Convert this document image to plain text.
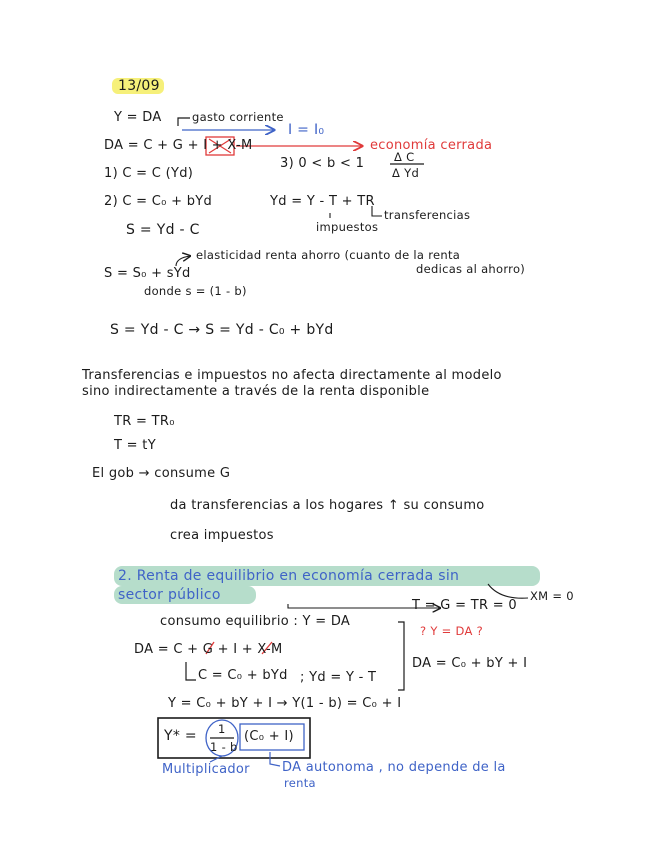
13/09
Y = DA	gasto corriente
I = I₀
DA = C + G + I + X-M	economía cerrada
3) 0 < b < 1	Δ C
Δ Yd
1) C = C (Yd)
2) C = C₀ + bYd	Yd = Y - T + TR
transferencias
impuestos
S = Yd - C
elasticidad renta ahorro (cuanto de la renta
dedicas al ahorro)
S = S₀ + sYd
donde s = (1 - b)
S = Yd - C → S = Yd - C₀ + bYd
Transferencias e impuestos no afecta directamente al modelo
sino indirectamente a través de la renta disponible
TR = TR₀
T = tY
El gob → consume G
da transferencias a los hogares ↑ su consumo
crea impuestos
2. Renta de equilibrio en economía cerrada sin
sector público
T = G = TR = 0
XM = 0
consumo equilibrio : Y = DA
? Y = DA ?
DA = C + G + I + X-M
DA = C₀ + bY + I
C = C₀ + bYd ; Yd = Y - T
Y = C₀ + bY + I → Y(1 - b) = C₀ + I
Y* = 1
1 - b
(C₀ + I)
Multiplicador DA autonoma , no depende de la
renta
